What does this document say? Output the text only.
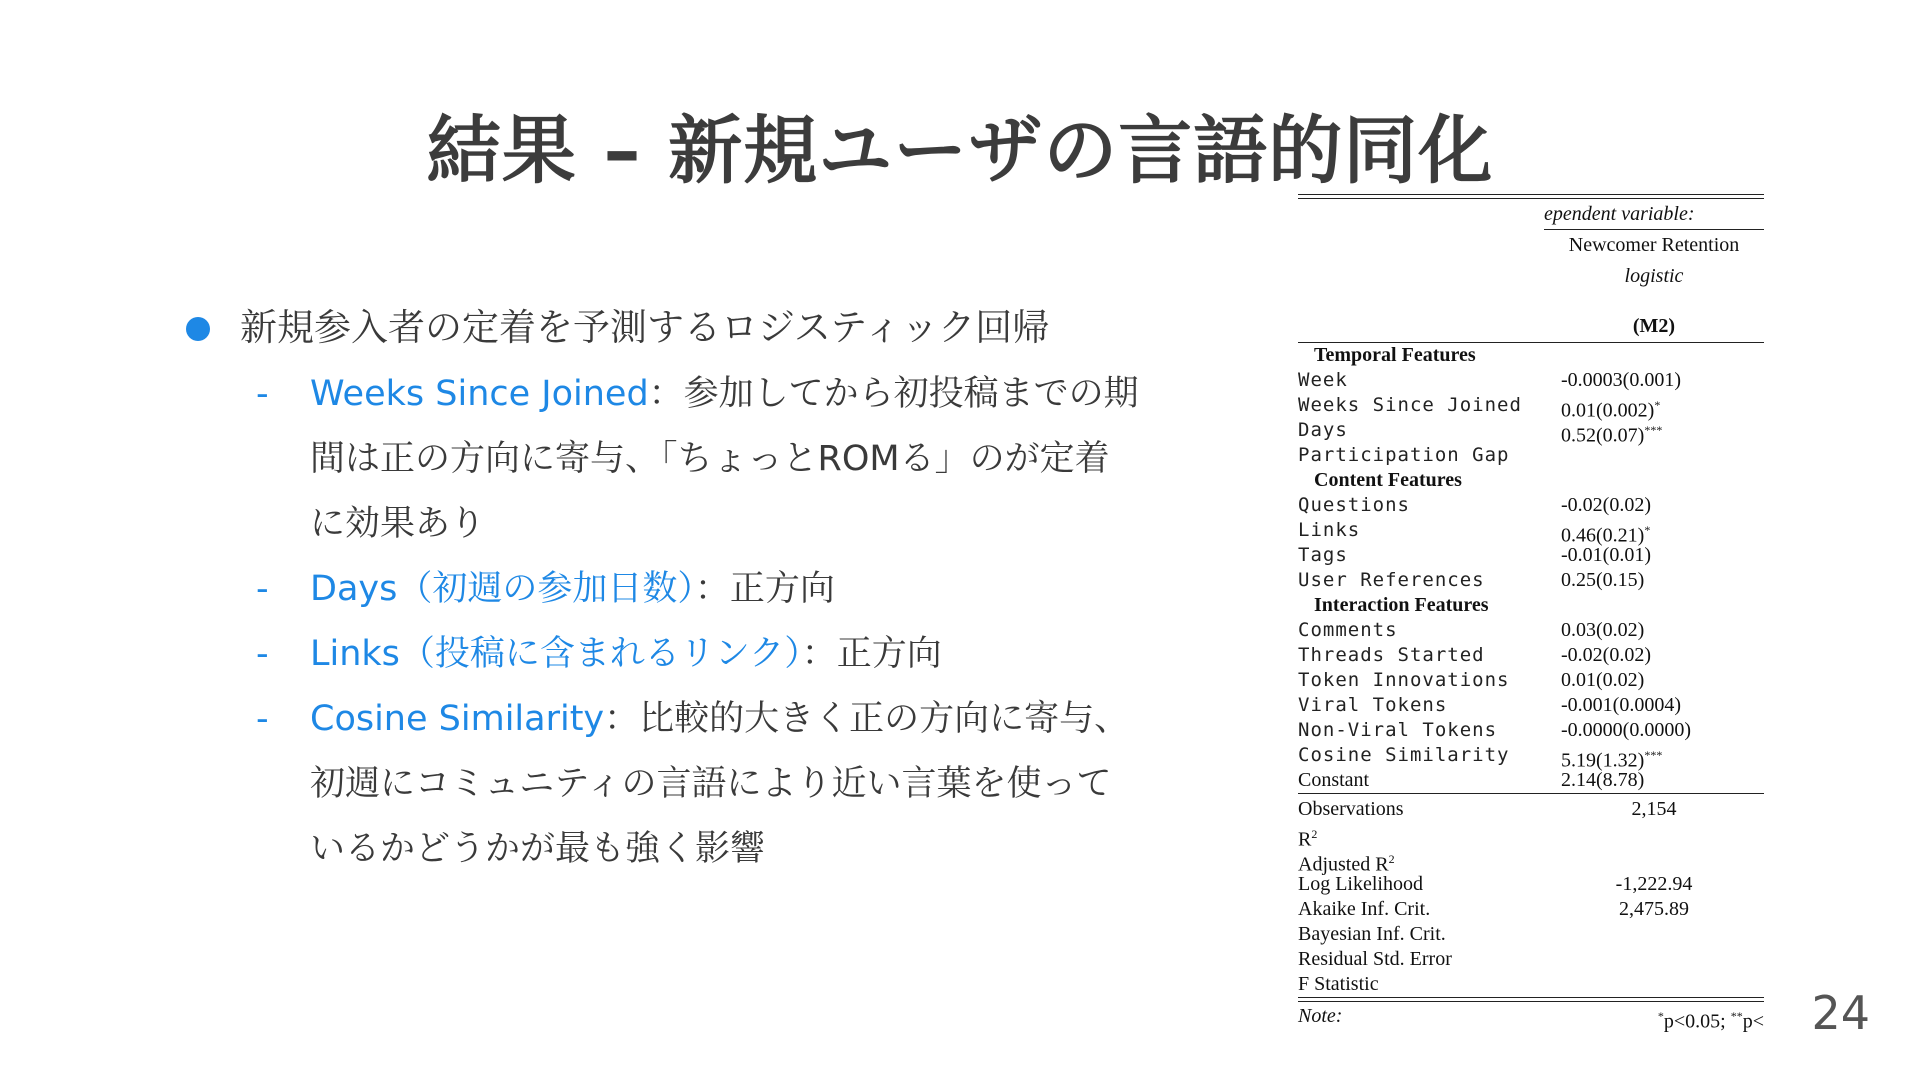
結果 – 新規ユーザの言語的同化
新規参入者の定着を予測するロジスティック回帰
- Weeks Since Joined：参加してから初投稿までの期
間は正の方向に寄与、「ちょっとROMる」のが定着
に効果あり
- Days（初週の参加日数）：正方向
- Links（投稿に含まれるリンク）：正方向
- Cosine Similarity：比較的大きく正の方向に寄与、
初週にコミュニティの言語により近い言葉を使って
いるかどうかが最も強く影響
ependent variable:
Newcomer Retention
logistic
(M2)
Temporal Features
Week	-0.0003(0.001)
Weeks Since Joined 0.01(0.002)*
Days	0.52(0.07)***
Participation Gap
Content Features
Questions	-0.02(0.02)
Links	0.46(0.21)*
Tags	-0.01(0.01)
User References	0.25(0.15)
Interaction Features
Comments	0.03(0.02)
Threads Started	-0.02(0.02)
Token Innovations	0.01(0.02)
Viral Tokens	-0.001(0.0004)
Non-Viral Tokens	-0.0000(0.0000)
Cosine Similarity	5.19(1.32)***
Constant	2.14(8.78)
Observations	2,154
$R^2$
Adjusted $R^2$
Log Likelihood	-1,222.94
Akaike Inf. Crit.	2,475.89
Bayesian Inf. Crit.
Residual Std. Error
F Statistic
Note:	*p<0.05; **p< 24
